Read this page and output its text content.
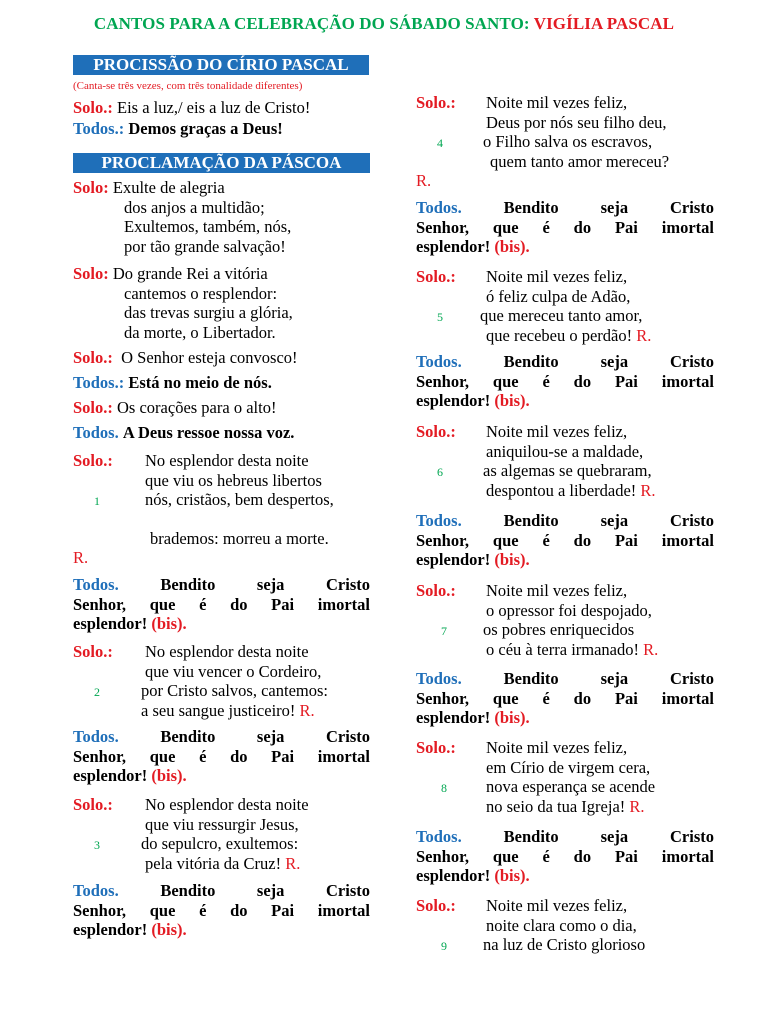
CANTOS PARA A CELEBRAÇÃO DO SÁBADO SANTO: VIGÍLIA PASCAL
PROCISSÃO DO CÍRIO PASCAL
(Canta-se três vezes, com três tonalidade diferentes)
Solo.: Eis a luz,/ eis a luz de Cristo!
Todos.: Demos graças a Deus!
PROCLAMAÇÃO DA PÁSCOA
Solo: Exulte de alegria
dos anjos a multidão;
Exultemos, também, nós,
por tão grande salvação!
Solo: Do grande Rei a vitória
cantemos o resplendor:
das trevas surgiu a glória,
da morte, o Libertador.
Solo.: O Senhor esteja convosco!
Todos.: Está no meio de nós.
Solo.: Os corações para o alto!
Todos. A Deus ressoe nossa voz.
Solo.: No esplendor desta noite
que viu os hebreus libertos
1	nós, cristãos, bem despertos,
brademos: morreu a morte.
R.
Todos.	Bendito seja Cristo
Senhor, que é do Pai imortal
esplendor! (bis).
Solo.: No esplendor desta noite
que viu vencer o Cordeiro,
2 por Cristo salvos, cantemos:
a seu sangue justiceiro! R.
Todos.	Bendito seja Cristo
Senhor, que é do Pai imortal
esplendor! (bis).
Solo.: No esplendor desta noite
que viu ressurgir Jesus,
3 do sepulcro, exultemos:
pela vitória da Cruz! R.
Todos.	Bendito seja Cristo
Senhor, que é do Pai imortal
esplendor! (bis).
Solo.: Noite mil vezes feliz,
Deus por nós seu filho deu,
4 o Filho salva os escravos,
quem tanto amor mereceu?
R.
Todos.	Bendito seja Cristo
Senhor, que é do Pai imortal
esplendor! (bis).
Solo.: Noite mil vezes feliz,
ó feliz culpa de Adão,
5 que mereceu tanto amor,
que recebeu o perdão! R.
Todos.	Bendito seja Cristo
Senhor, que é do Pai imortal
esplendor! (bis).
Solo.: Noite mil vezes feliz,
aniquilou-se a maldade,
6 as algemas se quebraram,
despontou a liberdade! R.
Todos.	Bendito seja Cristo
Senhor, que é do Pai imortal
esplendor! (bis).
Solo.: Noite mil vezes feliz,
o opressor foi despojado,
7 os pobres enriquecidos
o céu à terra irmanado! R.
Todos.	Bendito seja Cristo
Senhor, que é do Pai imortal
esplendor! (bis).
Solo.: Noite mil vezes feliz,
em Círio de virgem cera,
8 nova esperança se acende
no seio da tua Igreja! R.
Todos.	Bendito seja Cristo
Senhor, que é do Pai imortal
esplendor! (bis).
Solo.: Noite mil vezes feliz,
noite clara como o dia,
9 na luz de Cristo glorioso
